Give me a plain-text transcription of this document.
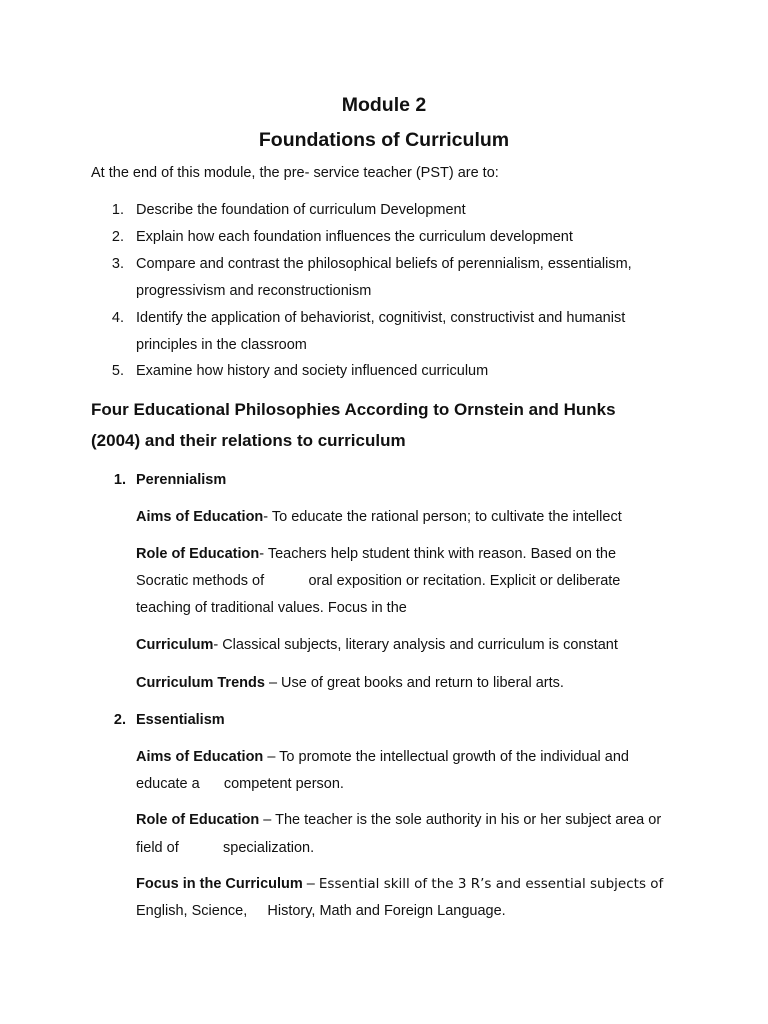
Module 2
Foundations of Curriculum
At the end of this module, the pre- service teacher (PST) are to:
1. Describe the foundation of curriculum Development
2. Explain how each foundation influences the curriculum development
3. Compare and contrast the philosophical beliefs of perennialism, essentialism,
progressivism and reconstructionism
4. Identify the application of behaviorist, cognitivist, constructivist and humanist
principles in the classroom
5. Examine how history and society influenced curriculum
Four Educational Philosophies According to Ornstein and Hunks
(2004) and their relations to curriculum
1. Perennialism
Aims of Education- To educate the rational person; to cultivate the intellect
Role of Education- Teachers help student think with reason. Based on the
Socratic methods of           oral exposition or recitation. Explicit or deliberate
teaching of traditional values. Focus in the
Curriculum- Classical subjects, literary analysis and curriculum is constant
Curriculum Trends – Use of great books and return to liberal arts.
2. Essentialism
Aims of Education – To promote the intellectual growth of the individual and
educate a      competent person.
Role of Education – The teacher is the sole authority in his or her subject area or
field of           specialization.
Focus in the Curriculum – Essential skill of the 3 R’s and essential subjects of
English, Science,     History, Math and Foreign Language.
